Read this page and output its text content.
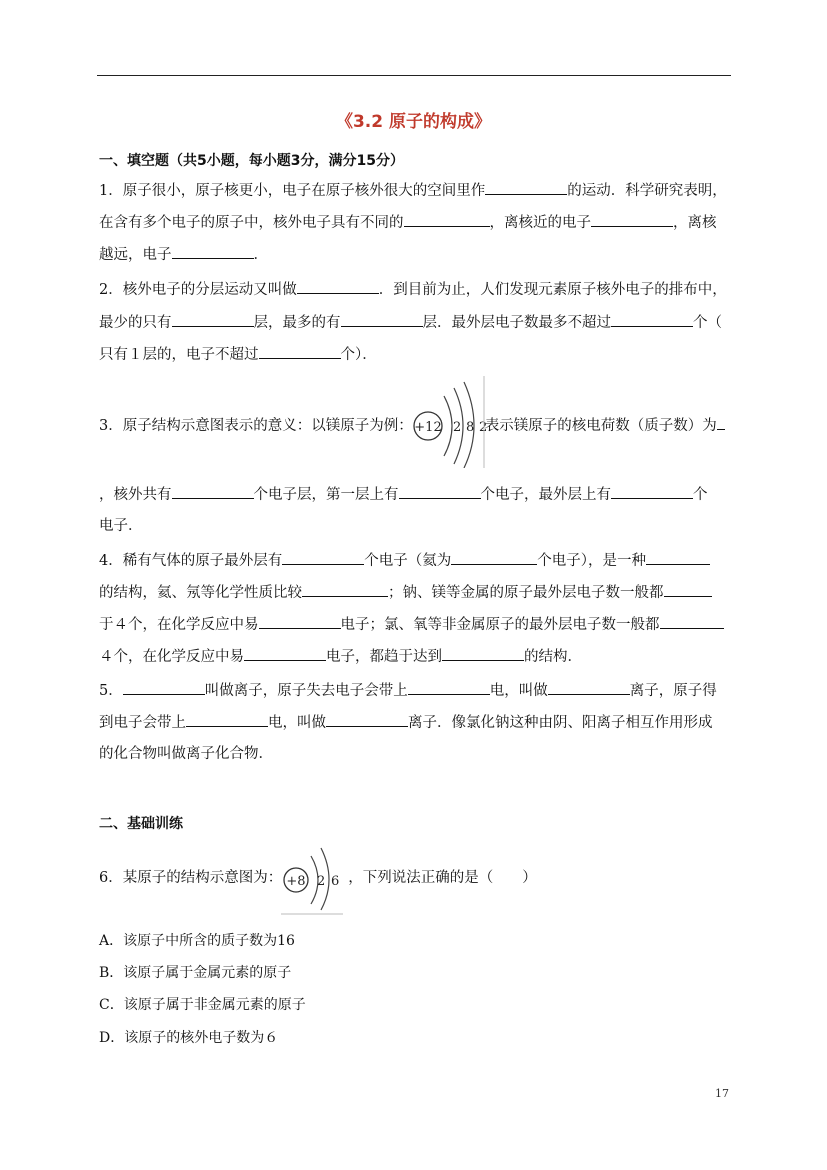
《3.2 原子的构成》
一、填空题（共5小题，每小题3分，满分15分）
1．原子很小，原子核更小，电子在原子核外很大的空间里作	的运动．科学研究表明，
在含有多个电子的原子中，核外电子具有不同的	，离核近的电子	，离核
越远，电子	．
2．核外电子的分层运动又叫做	．到目前为止，人们发现元素原子核外电子的排布中，
最少的只有	层，最多的有	层．最外层电子数最多不超过	个（
只有１层的，电子不超过	个）．
3．原子结构示意图表示的意义：以镁原子为例：	表示镁原子的核电荷数（质子数）为
+12 2 8 2
，核外共有	个电子层，第一层上有	个电子，最外层上有	个
电子．
4．稀有气体的原子最外层有	个电子（氦为	个电子），是一种
的结构，氦、氖等化学性质比较	；钠、镁等金属的原子最外层电子数一般都
于４个，在化学反应中易	电子；氯、氧等非金属原子的最外层电子数一般都
４个，在化学反应中易	电子，都趋于达到	的结构．
5．	叫做离子，原子失去电子会带上	电，叫做	离子，原子得
到电子会带上	电，叫做	离子．像氯化钠这种由阴、阳离子相互作用形成
的化合物叫做离子化合物．
二、基础训练
6．某原子的结构示意图为：	，下列说法正确的是（　　）
+8 2 6
A．该原子中所含的质子数为16
B．该原子属于金属元素的原子
C．该原子属于非金属元素的原子
D．该原子的核外电子数为６
17
